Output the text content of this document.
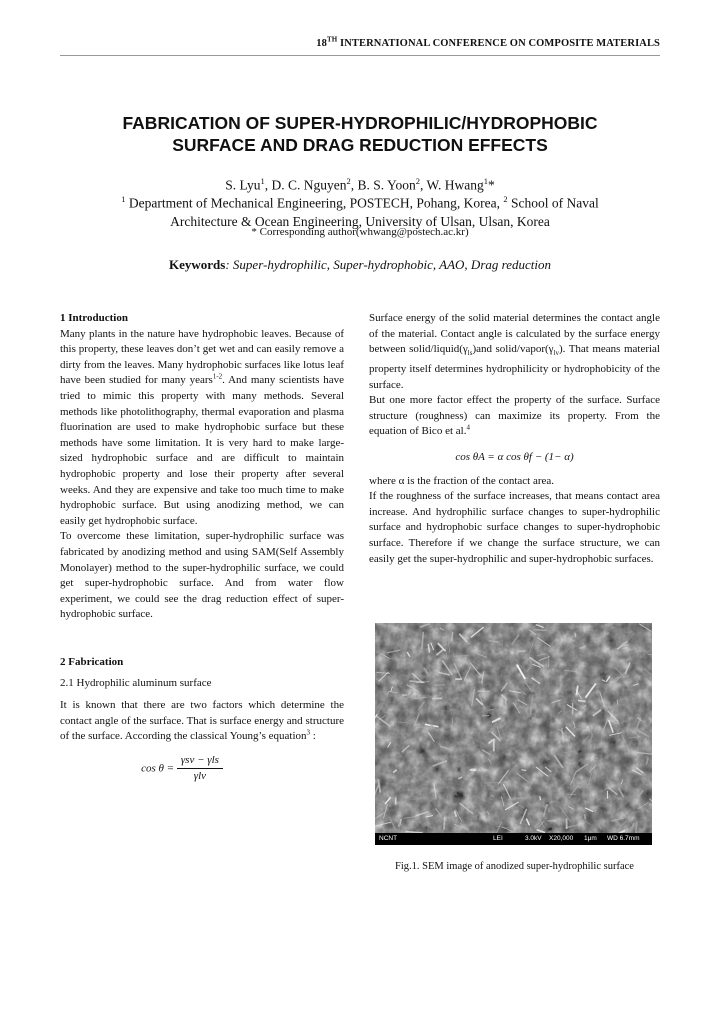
18TH INTERNATIONAL CONFERENCE ON COMPOSITE MATERIALS
FABRICATION OF SUPER-HYDROPHILIC/HYDROPHOBIC
SURFACE AND DRAG REDUCTION EFFECTS
S. Lyu$^1$, D. C. Nguyen$^2$, B. S. Yoon$^2$, W. Hwang$^1$*
$^1$ Department of Mechanical Engineering, POSTECH, Pohang, Korea, $^2$ School of Naval
Architecture & Ocean Engineering, University of Ulsan, Ulsan, Korea
* Corresponding author(whwang@postech.ac.kr)
Keywords: Super-hydrophilic, Super-hydrophobic, AAO, Drag reduction
1 Introduction

Many plants in the nature have hydrophobic leaves. Because of this property, these leaves don’t get wet and can easily remove a dirty from the leaves. Many hydrophobic surfaces like lotus leaf have been studied for many years$^{1-2}$. And many scientists have tried to mimic this property with many methods. Several methods like photolithography, thermal evaporation and plasma fluorination are used to make hydrophobic surface but these methods have some limitation. It is very hard to make large-sized hydrophobic surface and are difficult to maintain hydrophobic property and lose their property after several weeks. And they are expensive and take too much time to make hydrophobic surface. But using anodizing method, we can easily get hydrophobic surface.

To overcome these limitation, super-hydrophilic surface was fabricated by anodizing method and using SAM(Self Assembly Monolayer) method to the super-hydrophilic surface, we could get super-hydrophobic surface. And from water flow experiment, we could see the drag reduction effect of super-hydrophobic surface.

2 Fabrication
2.1 Hydrophilic aluminum surface

It is known that there are two factors which determine the contact angle of the surface. That is surface energy and structure of the surface. According the classical Young’s equation$^3$ :

$\cos \theta = \frac{\text{γsv − γls}}{\text{γlv}}$

Surface energy of the solid material determines the contact angle of the material. Contact angle is calculated by the surface energy between solid/$liquid(\gamma_{ls})and$ solid/$vapor(\gamma_{lv})$. That means material property itself determines hydrophilicity or hydrophobicity of the surface.

But one more factor effect the property of the surface. Surface structure (roughness) can maximize its property. From the equation of Bico et al.$^4$

cos θA = α cos θf − (1− α)

where α is the fraction of the contact area.

If the roughness of the surface increases, that means contact area increase. And hydrophilic surface changes to super-hydrophilic surface and hydrophobic surface changes to super-hydrophobic surface. Therefore if we change the surface structure, we can easily get the super-hydrophilic and super-hydrophobic surfaces.

NCNT	LEI	3.0kV X20,000 1μm WD 6.7mm
Fig.1. SEM image of anodized super-hydrophilic surface
